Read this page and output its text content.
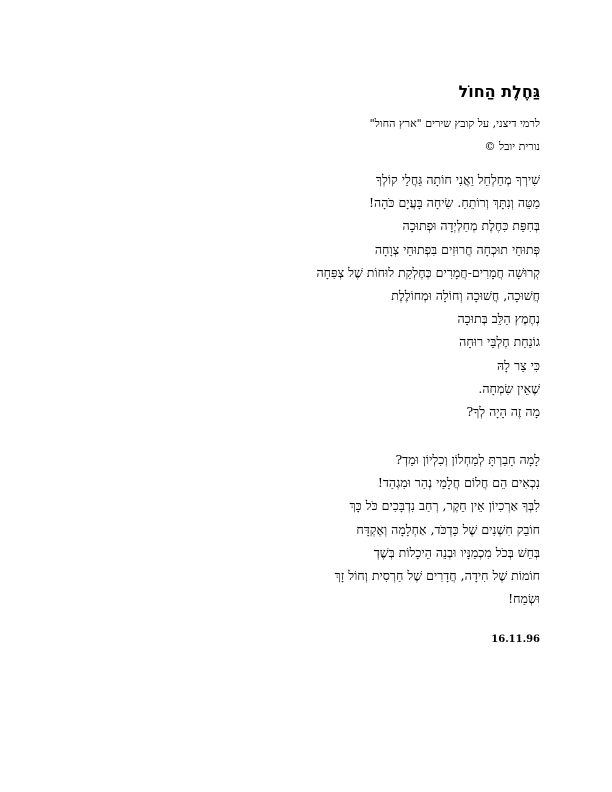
גַּחֶלֶת הַחוֹל
לרמי דיצני, על קובץ שירים "ארץ החול"
נורית יובל ©
שִׁירְךָ מְחַלְחֵל וַאֲנִי חוֹתָה גַּחֲלֵי קוֹלְךָ
מַטֵּה וְנִתָּךְ וְרוֹתֵחַ. שִׂיחָה בָּעֲיָם כֹּהָה!
בְּחִפַּת כִּחֶלֶת מְחַלְיְדָה וּפְתוּכָה
פְּתוּחֵי תוּכְחָה חֲרוּזִים בִּפְתוּחֵי צְוָחָה
קְרוּשָׁה חֲמָרִים-חֲמָרִים כְּחֶלְקַת לוּחוֹת שֶׁל צְפִּחָה
חֲשׁוּכָה, חֲשׁוּכָה וְחוֹלָה וּמְחוֹלֶלֶת
נְחֶמֶץ הַלֵּב בְּתוּכָה
גוֹנַחַת חֶלְבֵּי רוּחָה
כִּי צַר לָהּ
שֶׁאֵין שִׂמְחָה.
מָה זֶה הָיָה לְךָ?
לָמָה חָבַרְתָּ לְמַחְלוֹן וְכִלְיוֹן וּמַדְ?
נִכְאִים הֵם חֲלוֹם חֲלָמַי נְהַר וּמִגְהַד!
לִבְּךָ אַרְכִיוֹן אֵין חֵקֶר, רְחַב נִדְבָּכִים כֹּל כָּךְ
חוֹבֵק חִשְׁנִים שֶׁל כַּדְכֹּד, אַחְלָמָה וְאֶקְדָּח
בְּחֵשׁ בְּכֹל מִכְמַנָּיו וּבְנֵה הֵיכָלוֹת בְּשֶׁדְ
חוֹמוֹת שֶׁל חִידָה, חֲדָרִים שֶׁל חַרְסִית וְחוֹל זָךְ
וּשְׂמַח!
16.11.96
